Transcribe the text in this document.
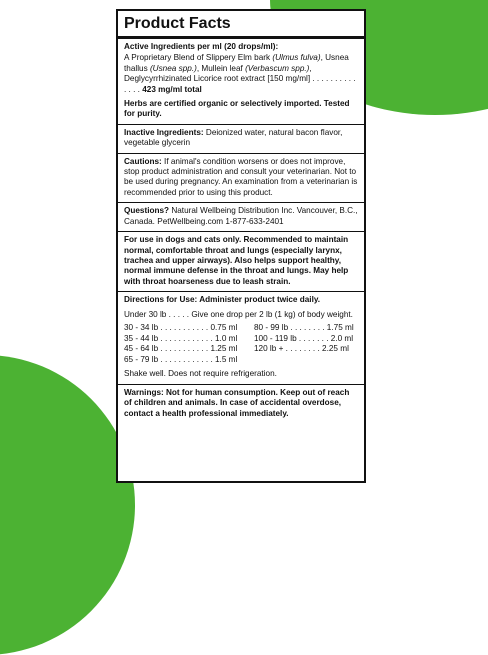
Product Facts
Active Ingredients per ml (20 drops/ml):

A Proprietary Blend of Slippery Elm bark (Ulmus fulva), Usnea thallus (Usnea spp.), Mullein leaf (Verbascum spp.), Deglycyrrhizinated Licorice root extract [150 mg/ml] . . . . . . . . . . . . . . 423 mg/ml total

Herbs are certified organic or selectively imported. Tested for purity.

Inactive Ingredients: Deionized water, natural bacon flavor, vegetable glycerin

Cautions: If animal's condition worsens or does not improve, stop product administration and consult your veterinarian. Not to be used during pregnancy. An examination from a veterinarian is recommended prior to using this product.

Questions? Natural Wellbeing Distribution Inc. Vancouver, B.C., Canada. PetWellbeing.com 1-877-633-2401

For use in dogs and cats only. Recommended to maintain normal, comfortable throat and lungs (especially larynx, trachea and upper airways). Also helps support healthy, normal immune defense in the throat and lungs. May help with throat hoarseness due to leash strain.

Directions for Use: Administer product twice daily.

Under 30 lb . . . . . Give one drop per 2 lb (1 kg) of body weight.

30 - 34 lb . . . . . . . . . . . 0.75 ml
35 - 44 lb . . . . . . . . . . . . 1.0 ml
45 - 64 lb . . . . . . . . . . . 1.25 ml
65 - 79 lb . . . . . . . . . . . . 1.5 ml
80 - 99 lb . . . . . . . . 1.75 ml
100 - 119 lb . . . . . . . 2.0 ml
120 lb + . . . . . . . . 2.25 ml

Shake well. Does not require refrigeration.

Warnings: Not for human consumption. Keep out of reach of children and animals. In case of accidental overdose, contact a health professional immediately.
